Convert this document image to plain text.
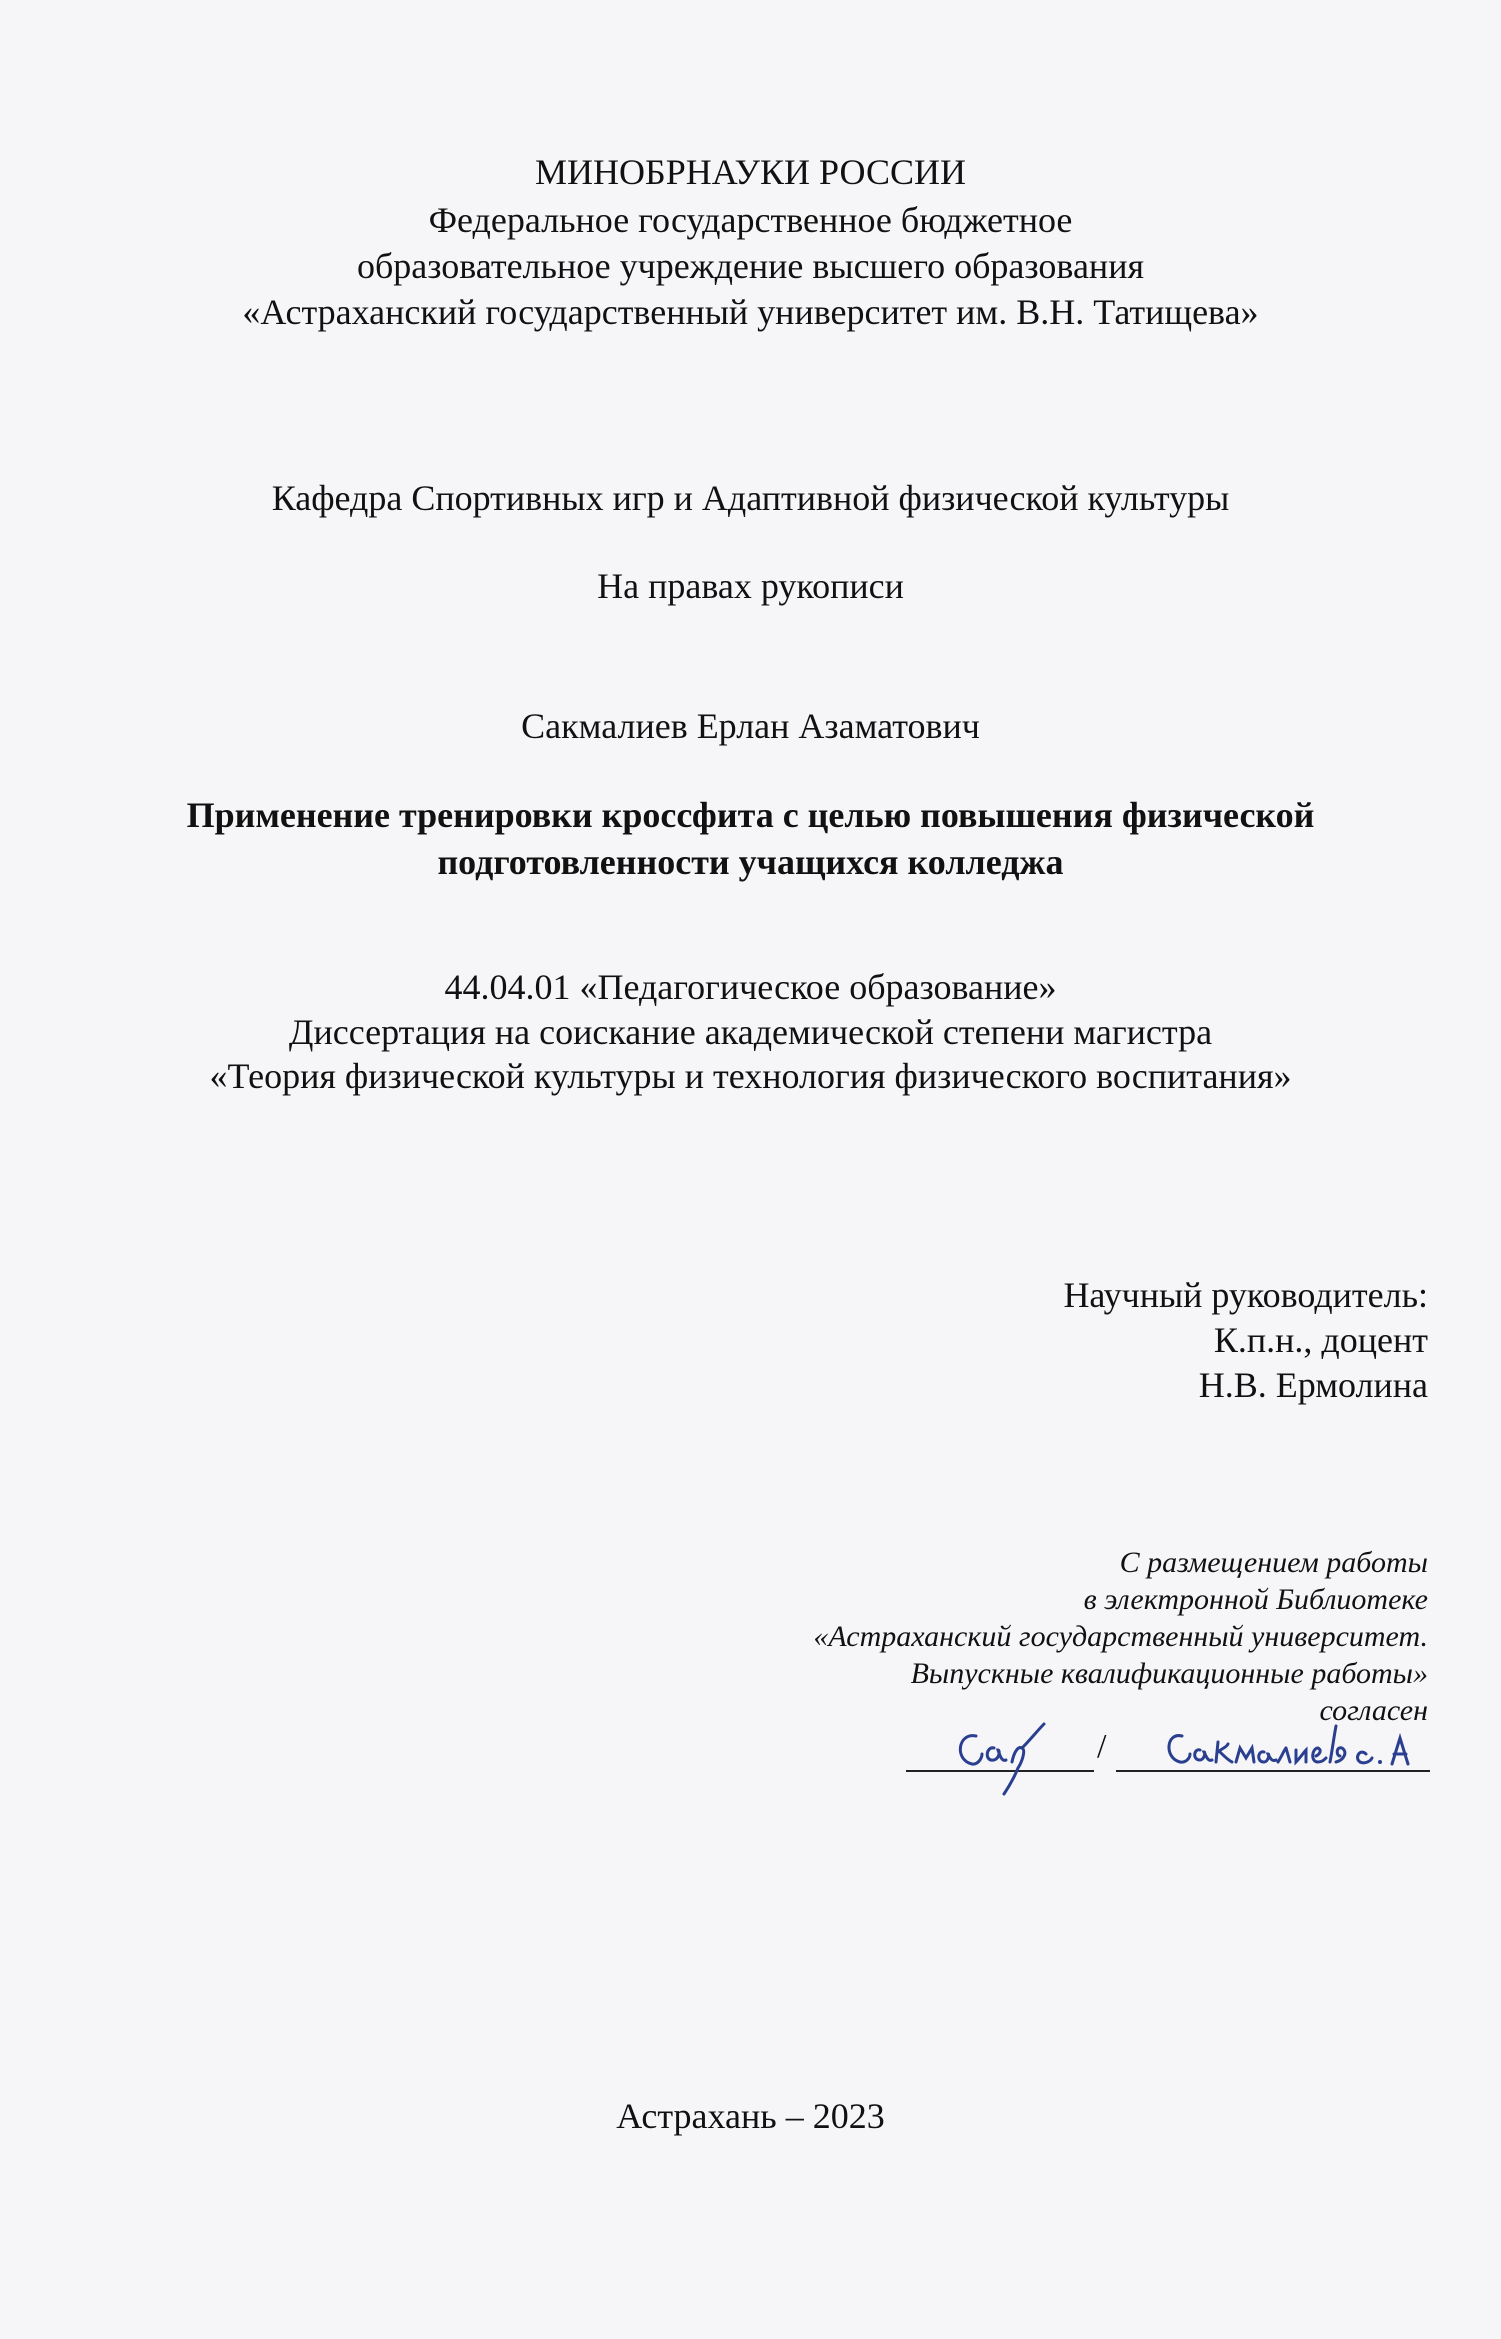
МИНОБРНАУКИ РОССИИ
Федеральное государственное бюджетное
образовательное учреждение высшего образования
«Астраханский государственный университет им. В.Н. Татищева»
Кафедра Спортивных игр и Адаптивной физической культуры
На правах рукописи
Сакмалиев Ерлан Азаматович
Применение тренировки кроссфита с целью повышения физической
подготовленности учащихся колледжа
44.04.01 «Педагогическое образование»
Диссертация на соискание академической степени магистра
«Теория физической культуры и технология физического воспитания»
Научный руководитель:
К.п.н., доцент
Н.В. Ермолина
С размещением работы
в электронной Библиотеке
«Астраханский государственный университет.
Выпускные квалификационные работы»
согласен
/
Астрахань – 2023
